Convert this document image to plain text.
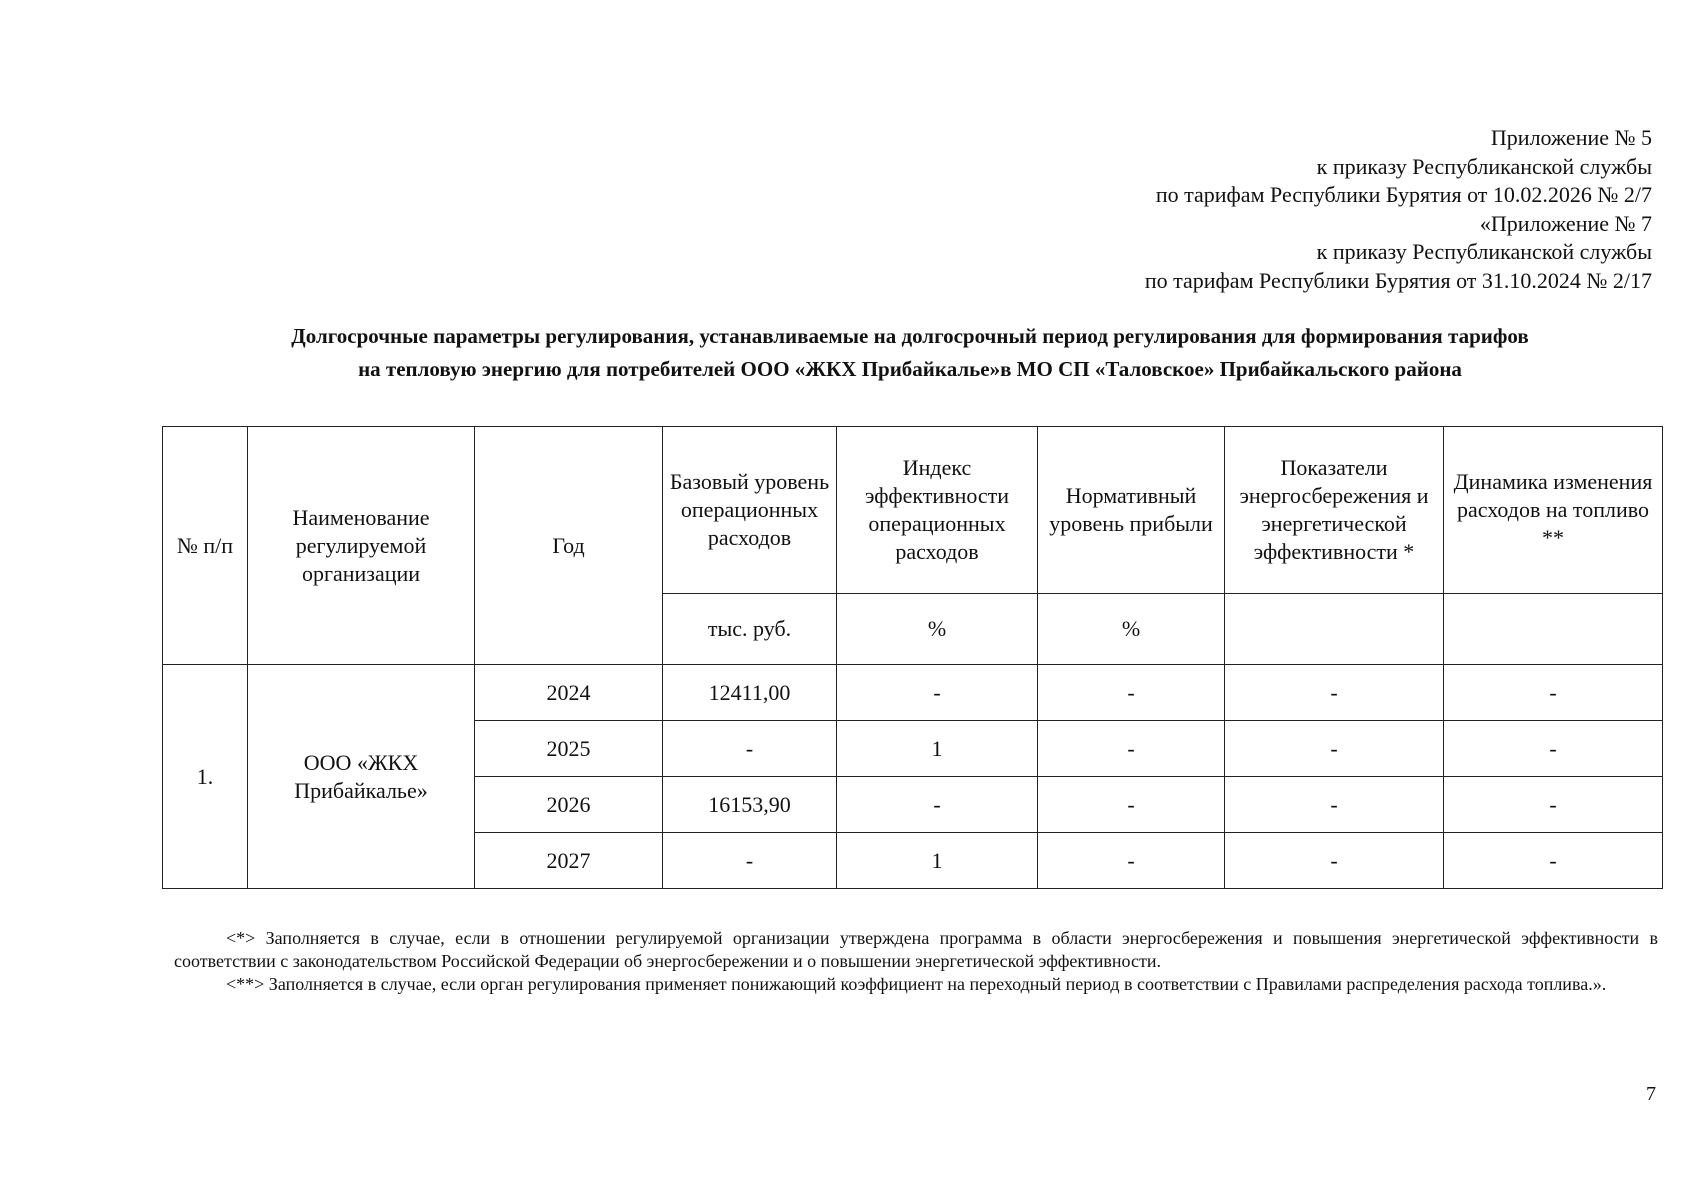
Приложение № 5
к приказу Республиканской службы
по тарифам Республики Бурятия от 10.02.2026 № 2/7
«Приложение № 7
к приказу Республиканской службы
по тарифам Республики Бурятия от 31.10.2024 № 2/17
Долгосрочные параметры регулирования, устанавливаемые на долгосрочный период регулирования для формирования тарифов
на тепловую энергию для потребителей ООО «ЖКХ Прибайкалье»в МО СП «Таловское» Прибайкальского района
№ п/п	Наименование регулируемой организации	Год	Базовый уровень операционных расходов	Индекс эффективности операционных расходов	Нормативный уровень прибыли	Показатели энергосбережения и энергетической эффективности *	Динамика изменения расходов на топливо **
			тыс. руб.	%	%		
1.	ООО «ЖКХ Прибайкалье»	2024	12411,00	-	-	-	-
		2025	-	1	-	-	-
		2026	16153,90	-	-	-	-
		2027	-	1	-	-	-

<*> Заполняется в случае, если в отношении регулируемой организации утверждена программа в области энергосбережения и повышения энергетической эффективности в соответствии с законодательством Российской Федерации об энергосбережении и о повышении энергетической эффективности.

<**> Заполняется в случае, если орган регулирования применяет понижающий коэффициент на переходный период в соответствии с Правилами распределения расхода топлива.».

7
